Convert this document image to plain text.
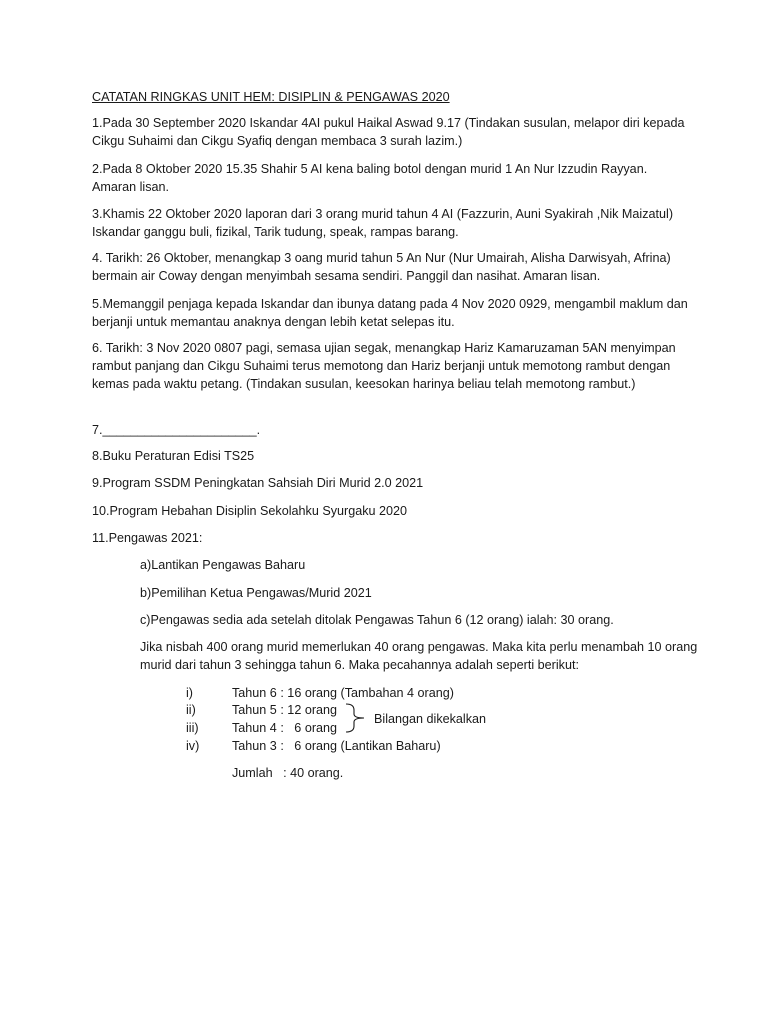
CATATAN RINGKAS UNIT HEM: DISIPLIN & PENGAWAS 2020

1.Pada 30 September 2020 Iskandar 4AI pukul Haikal Aswad 9.17 (Tindakan susulan, melapor diri kepada Cikgu Suhaimi dan Cikgu Syafiq dengan membaca 3 surah lazim.)

2.Pada 8 Oktober 2020 15.35 Shahir 5 AI kena baling botol dengan murid 1 An Nur Izzudin Rayyan. Amaran lisan.

3.Khamis 22 Oktober 2020 laporan dari 3 orang murid tahun 4 AI (Fazzurin, Auni Syakirah ,Nik Maizatul) Iskandar ganggu buli, fizikal, Tarik tudung, speak, rampas barang.

4. Tarikh: 26 Oktober, menangkap 3 oang murid tahun 5 An Nur (Nur Umairah, Alisha Darwisyah, Afrina) bermain air Coway dengan menyimbah sesama sendiri. Panggil dan nasihat. Amaran lisan.

5.Memanggil penjaga kepada Iskandar dan ibunya datang pada 4 Nov 2020 0929, mengambil maklum dan berjanji untuk memantau anaknya dengan lebih ketat selepas itu.

6. Tarikh: 3 Nov 2020 0807 pagi, semasa ujian segak, menangkap Hariz Kamaruzaman 5AN menyimpan rambut panjang dan Cikgu Suhaimi terus memotong dan Hariz berjanji untuk memotong rambut dengan kemas pada waktu petang. (Tindakan susulan, keesokan harinya beliau telah memotong rambut.)

7.______________________.

8.Buku Peraturan Edisi TS25

9.Program SSDM Peningkatan Sahsiah Diri Murid 2.0 2021

10.Program Hebahan Disiplin Sekolahku Syurgaku 2020

11.Pengawas 2021:

a)Lantikan Pengawas Baharu

b)Pemilihan Ketua Pengawas/Murid 2021

c)Pengawas sedia ada setelah ditolak Pengawas Tahun 6 (12 orang) ialah: 30 orang.

Jika nisbah 400 orang murid memerlukan 40 orang pengawas. Maka kita perlu menambah 10 orang murid dari tahun 3 sehingga tahun 6. Maka pecahannya adalah seperti berikut:

i)	Tahun 6 : 16 orang (Tambahan 4 orang)
ii)	Tahun 5 : 12 orang
iii)	Tahun 4 :   6 orang
iv)	Tahun 3 :   6 orang (Lantikan Baharu)
Bilangan dikekalkan
Jumlah   : 40 orang.
